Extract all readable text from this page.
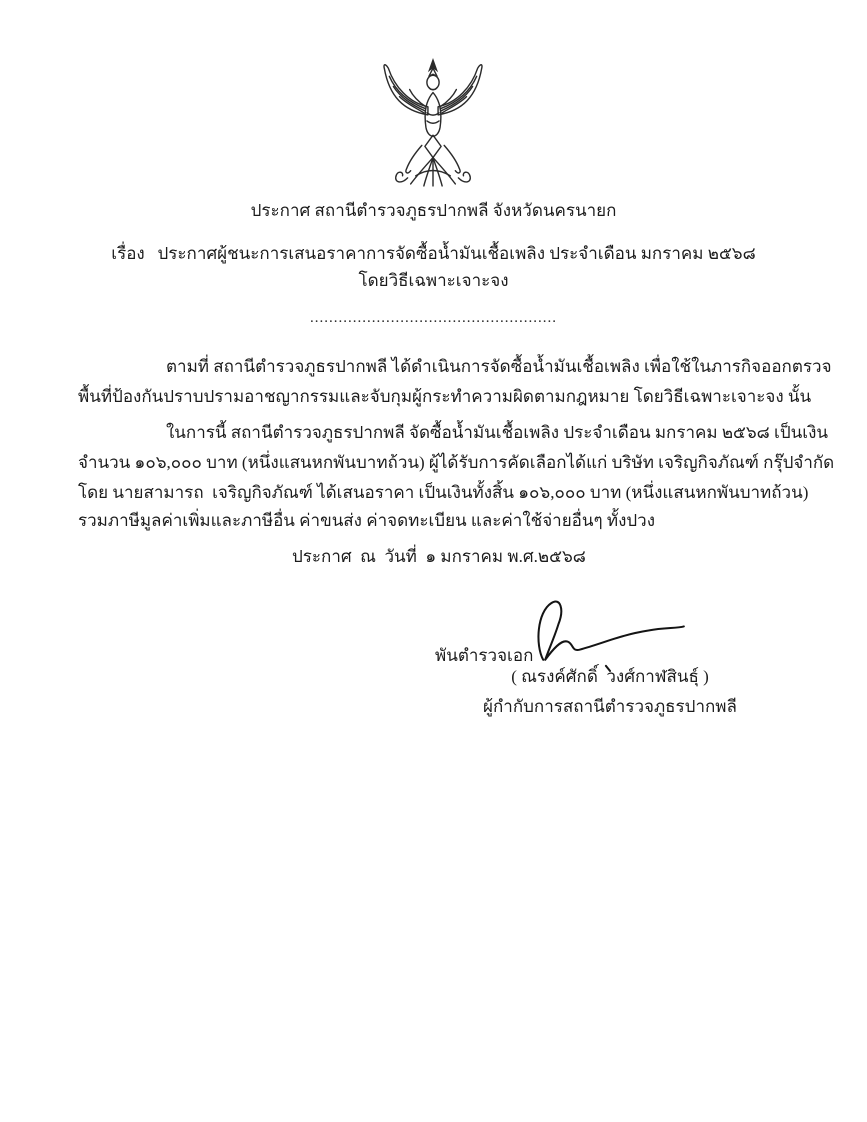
ประกาศ สถานีตำรวจภูธรปากพลี จังหวัดนครนายก
เรื่อง   ประกาศผู้ชนะการเสนอราคาการจัดซื้อน้ำมันเชื้อเพลิง ประจำเดือน มกราคม ๒๕๖๘
โดยวิธีเฉพาะเจาะจง
....................................................
ตามที่ สถานีตำรวจภูธรปากพลี ได้ดำเนินการจัดซื้อน้ำมันเชื้อเพลิง เพื่อใช้ในภารกิจออกตรวจ
พื้นที่ป้องกันปราบปรามอาชญากรรมและจับกุมผู้กระทำความผิดตามกฎหมาย โดยวิธีเฉพาะเจาะจง นั้น
ในการนี้ สถานีตำรวจภูธรปากพลี จัดซื้อน้ำมันเชื้อเพลิง ประจำเดือน มกราคม ๒๕๖๘ เป็นเงิน
จำนวน ๑๐๖,๐๐๐ บาท (หนึ่งแสนหกพันบาทถ้วน) ผู้ได้รับการคัดเลือกได้แก่ บริษัท เจริญกิจภัณฑ์ กรุ๊ปจำกัด
โดย นายสามารถ  เจริญกิจภัณฑ์ ได้เสนอราคา เป็นเงินทั้งสิ้น ๑๐๖,๐๐๐ บาท (หนึ่งแสนหกพันบาทถ้วน)
รวมภาษีมูลค่าเพิ่มและภาษีอื่น ค่าขนส่ง ค่าจดทะเบียน และค่าใช้จ่ายอื่นๆ ทั้งปวง
ประกาศ  ณ  วันที่  ๑ มกราคม พ.ศ.๒๕๖๘
พันตำรวจเอก
( ณรงค์ศักดิ์  วงศ์กาฬสินธุ์ )
ผู้กำกับการสถานีตำรวจภูธรปากพลี
